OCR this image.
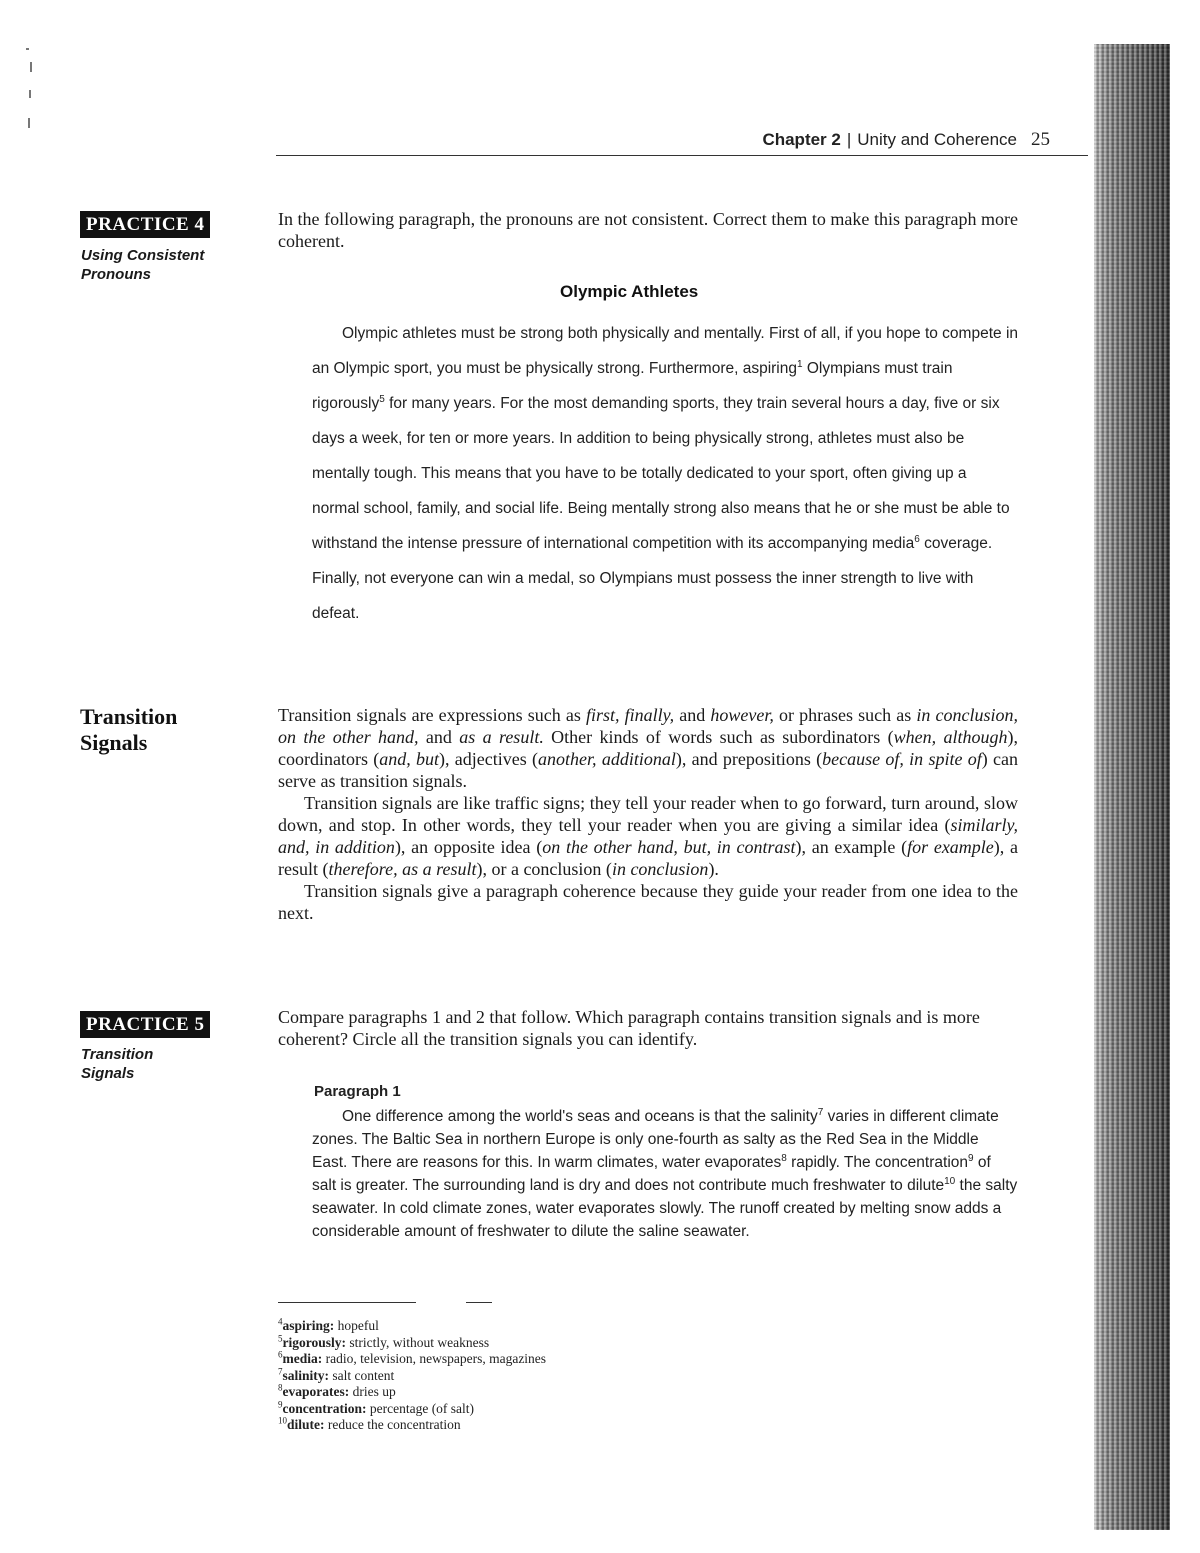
Chapter 2 | Unity and Coherence 25
PRACTICE 4
Using Consistent
Pronouns
In the following paragraph, the pronouns are not consistent. Correct them to make this paragraph more coherent.
Olympic Athletes
Olympic athletes must be strong both physically and mentally. First of all, if you hope to compete in an Olympic sport, you must be physically strong. Furthermore, aspiring$^1$ Olympians must train rigorously$^5$ for many years. For the most demanding sports, they train several hours a day, five or six days a week, for ten or more years. In addition to being physically strong, athletes must also be mentally tough. This means that you have to be totally dedicated to your sport, often giving up a normal school, family, and social life. Being mentally strong also means that he or she must be able to withstand the intense pressure of international competition with its accompanying media$^6$ coverage. Finally, not everyone can win a medal, so Olympians must possess the inner strength to live with defeat.
Transition
Signals

Transition signals are expressions such as first, finally, and however, or phrases such as in conclusion, on the other hand, and as a result. Other kinds of words such as subordinators (when, although), coordinators (and, but), adjectives (another, additional), and prepositions (because of, in spite of) can serve as transition signals.

Transition signals are like traffic signs; they tell your reader when to go forward, turn around, slow down, and stop. In other words, they tell your reader when you are giving a similar idea (similarly, and, in addition), an opposite idea (on the other hand, but, in contrast), an example (for example), a result (therefore, as a result), or a conclusion (in conclusion).

Transition signals give a paragraph coherence because they guide your reader from one idea to the next.

PRACTICE 5
Transition
Signals
Compare paragraphs 1 and 2 that follow. Which paragraph contains transition signals and is more coherent? Circle all the transition signals you can identify.
Paragraph 1
One difference among the world's seas and oceans is that the salinity$^7$ varies in different climate zones. The Baltic Sea in northern Europe is only one-fourth as salty as the Red Sea in the Middle East. There are reasons for this. In warm climates, water evaporates$^8$ rapidly. The concentration$^9$ of salt is greater. The surrounding land is dry and does not contribute much freshwater to dilute$^{10}$ the salty seawater. In cold climate zones, water evaporates slowly. The runoff created by melting snow adds a considerable amount of freshwater to dilute the saline seawater.
$^4$aspiring: hopeful
$^5$rigorously: strictly, without weakness
$^6$media: radio, television, newspapers, magazines
$^7$salinity: salt content
$^8$evaporates: dries up
$^9$concentration: percentage (of salt)
$^{10}$dilute: reduce the concentration
